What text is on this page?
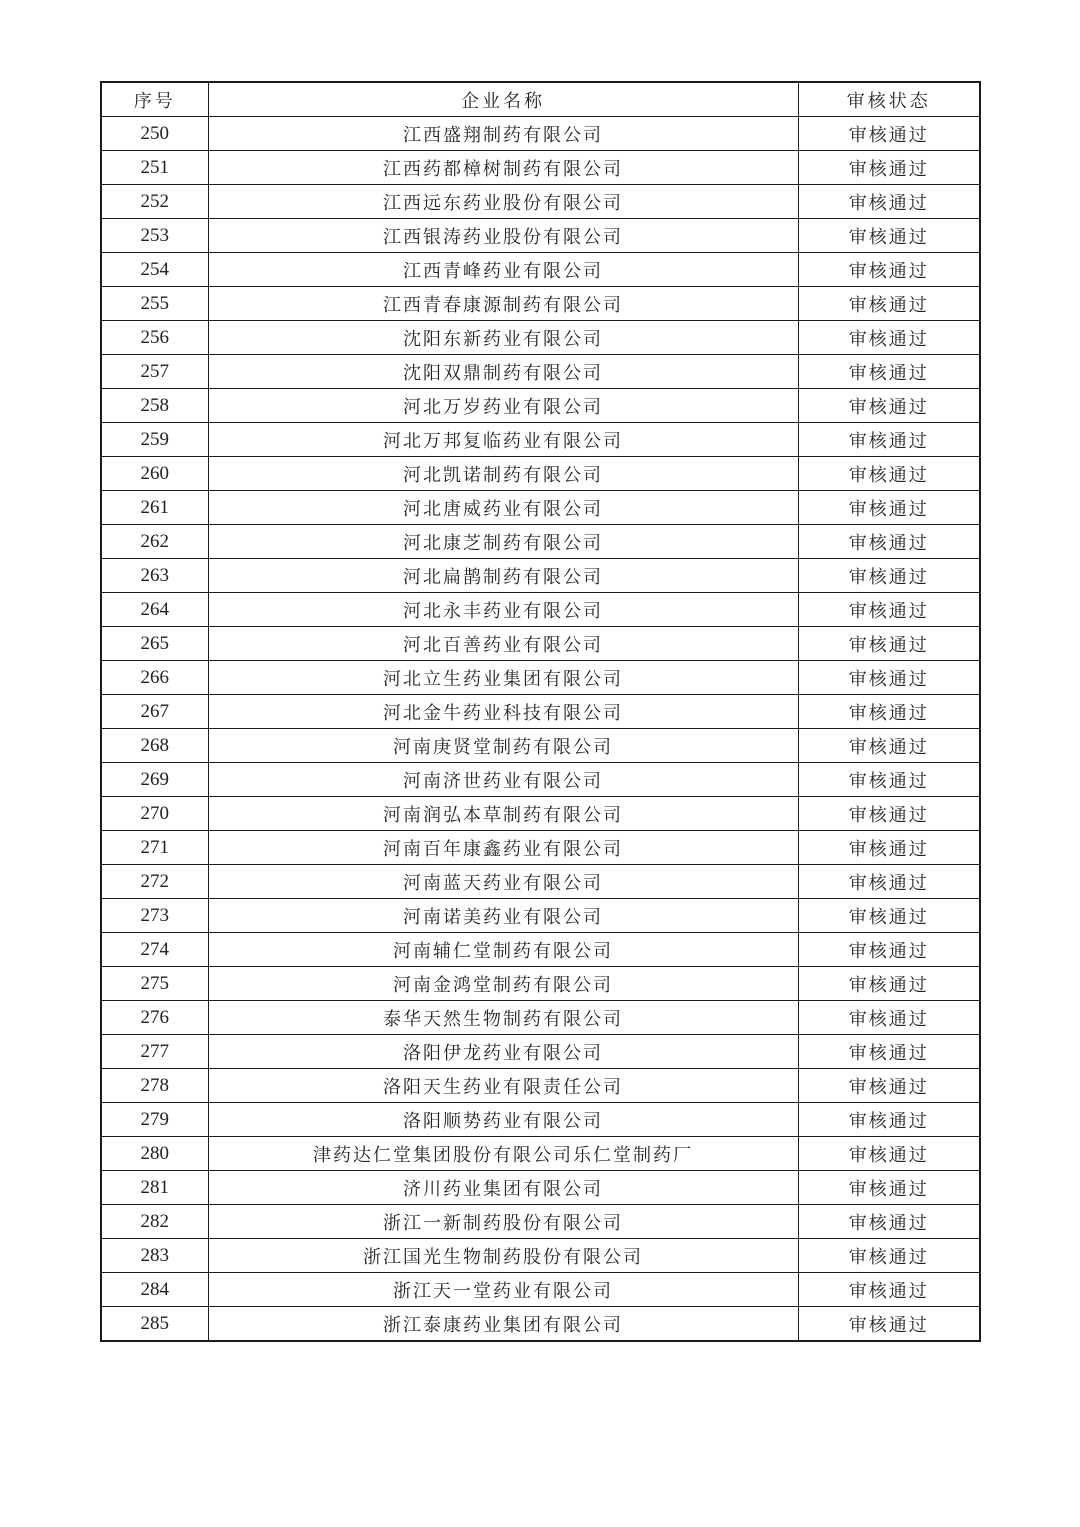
序号	企业名称	审核状态
250	江西盛翔制药有限公司	审核通过
251	江西药都樟树制药有限公司	审核通过
252	江西远东药业股份有限公司	审核通过
253	江西银涛药业股份有限公司	审核通过
254	江西青峰药业有限公司	审核通过
255	江西青春康源制药有限公司	审核通过
256	沈阳东新药业有限公司	审核通过
257	沈阳双鼎制药有限公司	审核通过
258	河北万岁药业有限公司	审核通过
259	河北万邦复临药业有限公司	审核通过
260	河北凯诺制药有限公司	审核通过
261	河北唐威药业有限公司	审核通过
262	河北康芝制药有限公司	审核通过
263	河北扁鹊制药有限公司	审核通过
264	河北永丰药业有限公司	审核通过
265	河北百善药业有限公司	审核通过
266	河北立生药业集团有限公司	审核通过
267	河北金牛药业科技有限公司	审核通过
268	河南庚贤堂制药有限公司	审核通过
269	河南济世药业有限公司	审核通过
270	河南润弘本草制药有限公司	审核通过
271	河南百年康鑫药业有限公司	审核通过
272	河南蓝天药业有限公司	审核通过
273	河南诺美药业有限公司	审核通过
274	河南辅仁堂制药有限公司	审核通过
275	河南金鸿堂制药有限公司	审核通过
276	泰华天然生物制药有限公司	审核通过
277	洛阳伊龙药业有限公司	审核通过
278	洛阳天生药业有限责任公司	审核通过
279	洛阳顺势药业有限公司	审核通过
280	津药达仁堂集团股份有限公司乐仁堂制药厂	审核通过
281	济川药业集团有限公司	审核通过
282	浙江一新制药股份有限公司	审核通过
283	浙江国光生物制药股份有限公司	审核通过
284	浙江天一堂药业有限公司	审核通过
285	浙江泰康药业集团有限公司	审核通过
